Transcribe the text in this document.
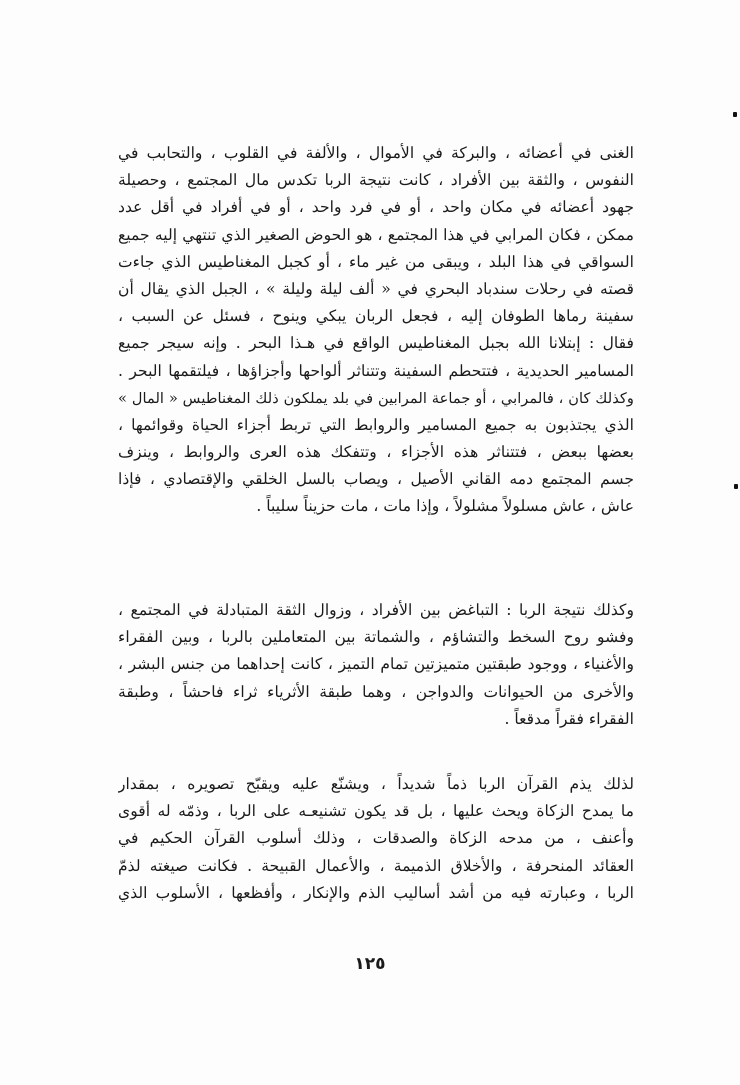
الغنى في أعضائه ، والبركة في الأموال ، والألفة في القلوب ، والتحابب في
النفوس ، والثقة بين الأفراد ، كانت نتيجة الربا تكدس مال المجتمع ، وحصيلة
جهود أعضائه في مكان واحد ، أو في فرد واحد ، أو في أفراد في أقل عدد
ممكن ، فكان المرابي في هذا المجتمع ، هو الحوض الصغير الذي تنتهي إليه جميع
السواقي في هذا البلد ، ويبقى من غير ماء ، أو كجبل المغناطيس الذي جاءت
قصته في رحلات سندباد البحري في « ألف ليلة وليلة » ، الجبل الذي يقال أن
سفينة رماها الطوفان إليه ، فجعل الربان يبكي وينوح ، فسئل عن السبب ،
فقال : إبتلانا الله بجبل المغناطيس الواقع في هـذا البحر . وإنه سيجر جميع
المسامير الحديدية ، فتتحطم السفينة وتتناثر ألواحها وأجزاؤها ، فيلتقمها البحر .
وكذلك كان ، فالمرابي ، أو جماعة المرابين في بلد يملكون ذلك المغناطيس « المال »
الذي يجتذبون به جميع المسامير والروابط التي تربط أجزاء الحياة وقوائمها ،
بعضها ببعض ، فتتناثر هذه الأجزاء ، وتتفكك هذه العرى والروابط ، وينزف
جسم المجتمع دمه القاني الأصيل ، ويصاب بالسل الخلقي والإقتصادي ، فإذا
عاش ، عاش مسلولاً مشلولاً ، وإذا مات ، مات حزيناً سليباً .
وكذلك نتيجة الربا : التباغض بين الأفراد ، وزوال الثقة المتبادلة في المجتمع ،
وفشو روح السخط والتشاؤم ، والشماتة بين المتعاملين بالربا ، وبين الفقراء
والأغنياء ، ووجود طبقتين متميزتين تمام التميز ، كانت إحداهما من جنس البشر ،
والأخرى من الحيوانات والدواجن ، وهما طبقة الأثرياء ثراء فاحشاً ، وطبقة
الفقراء فقراً مدقعاً .
لذلك يذم القرآن الربا ذماً شديداً ، ويشنّع عليه ويقبّح تصويره ، بمقدار
ما يمدح الزكاة ويحث عليها ، بل قد يكون تشنيعـه على الربا ، وذمّه له أقوى
وأعنف ، من مدحه الزكاة والصدقات ، وذلك أسلوب القرآن الحكيم في
العقائد المنحرفة ، والأخلاق الذميمة ، والأعمال القبيحة . فكانت صيغته لذمّ
الربا ، وعبارته فيه من أشد أساليب الذم والإنكار ، وأفظعها ، الأسلوب الذي
١٢٥
